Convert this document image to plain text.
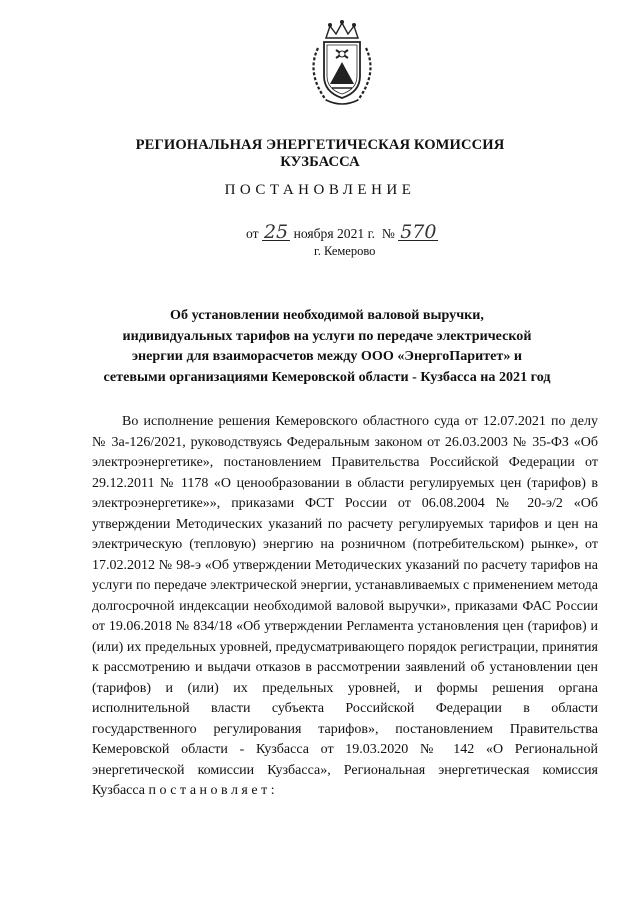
РЕГИОНАЛЬНАЯ ЭНЕРГЕТИЧЕСКАЯ КОМИССИЯ
КУЗБАССА
ПОСТАНОВЛЕНИЕ
от 25 ноября 2021 г. № 570
г. Кемерово
Об установлении необходимой валовой выручки,
индивидуальных тарифов на услуги по передаче электрической
энергии для взаиморасчетов между ООО «ЭнергоПаритет» и
сетевыми организациями Кемеровской области - Кузбасса на 2021 год

Во исполнение решения Кемеровского областного суда от 12.07.2021 по делу № 3а-126/2021, руководствуясь Федеральным законом от 26.03.2003 № 35-ФЗ «Об электроэнергетике», постановлением Правительства Российской Федерации от 29.12.2011 № 1178 «О ценообразовании в области регулируемых цен (тарифов) в электроэнергетике»», приказами ФСТ России от 06.08.2004 № 20-э/2 «Об утверждении Методических указаний по расчету регулируемых тарифов и цен на электрическую (тепловую) энергию на розничном (потребительском) рынке», от 17.02.2012 № 98-э «Об утверждении Методических указаний по расчету тарифов на услуги по передаче электрической энергии, устанавливаемых с применением метода долгосрочной индексации необходимой валовой выручки», приказами ФАС России от 19.06.2018 № 834/18 «Об утверждении Регламента установления цен (тарифов) и (или) их предельных уровней, предусматривающего порядок регистрации, принятия к рассмотрению и выдачи отказов в рассмотрении заявлений об установлении цен (тарифов) и (или) их предельных уровней, и формы решения органа исполнительной власти субъекта Российской Федерации в области государственного регулирования тарифов», постановлением Правительства Кемеровской области - Кузбасса от 19.03.2020 № 142 «О Региональной энергетической комиссии Кузбасса», Региональная энергетическая комиссия Кузбасса постановляет:
